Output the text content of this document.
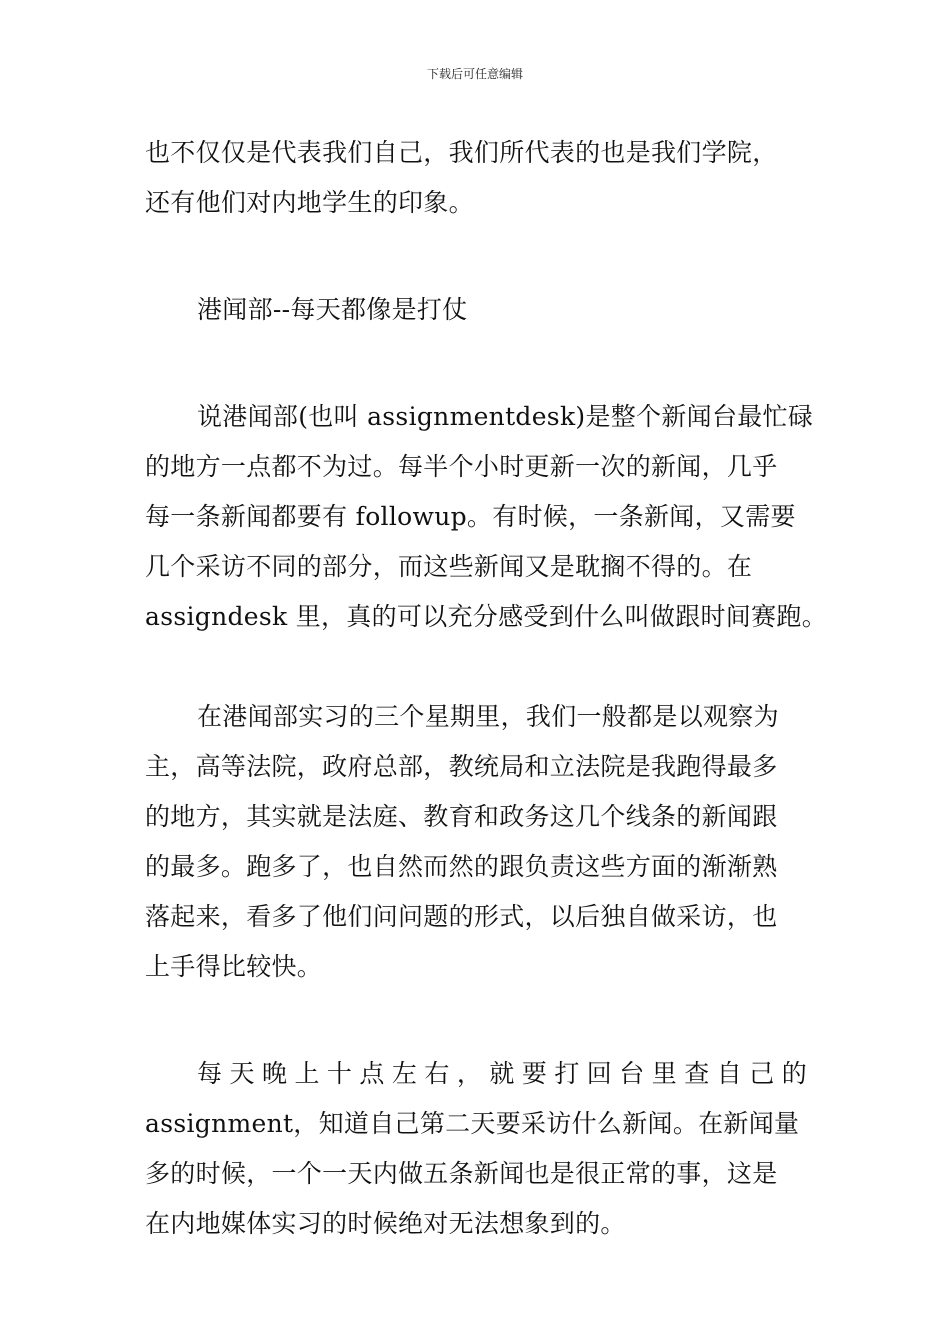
下载后可任意编辑
也不仅仅是代表我们自己，我们所代表的也是我们学院，
还有他们对内地学生的印象。
港闻部--每天都像是打仗
说港闻部(也叫 assignmentdesk)是整个新闻台最忙碌
的地方一点都不为过。每半个小时更新一次的新闻，几乎
每一条新闻都要有 followup。有时候，一条新闻，又需要
几个采访不同的部分，而这些新闻又是耽搁不得的。在
assigndesk 里，真的可以充分感受到什么叫做跟时间赛跑。
在港闻部实习的三个星期里，我们一般都是以观察为
主，高等法院，政府总部，教统局和立法院是我跑得最多
的地方，其实就是法庭、教育和政务这几个线条的新闻跟
的最多。跑多了，也自然而然的跟负责这些方面的渐渐熟
落起来，看多了他们问问题的形式，以后独自做采访，也
上手得比较快。
每天晚上十点左右，就要打回台里查自己的
assignment，知道自己第二天要采访什么新闻。在新闻量
多的时候，一个一天内做五条新闻也是很正常的事，这是
在内地媒体实习的时候绝对无法想象到的。
